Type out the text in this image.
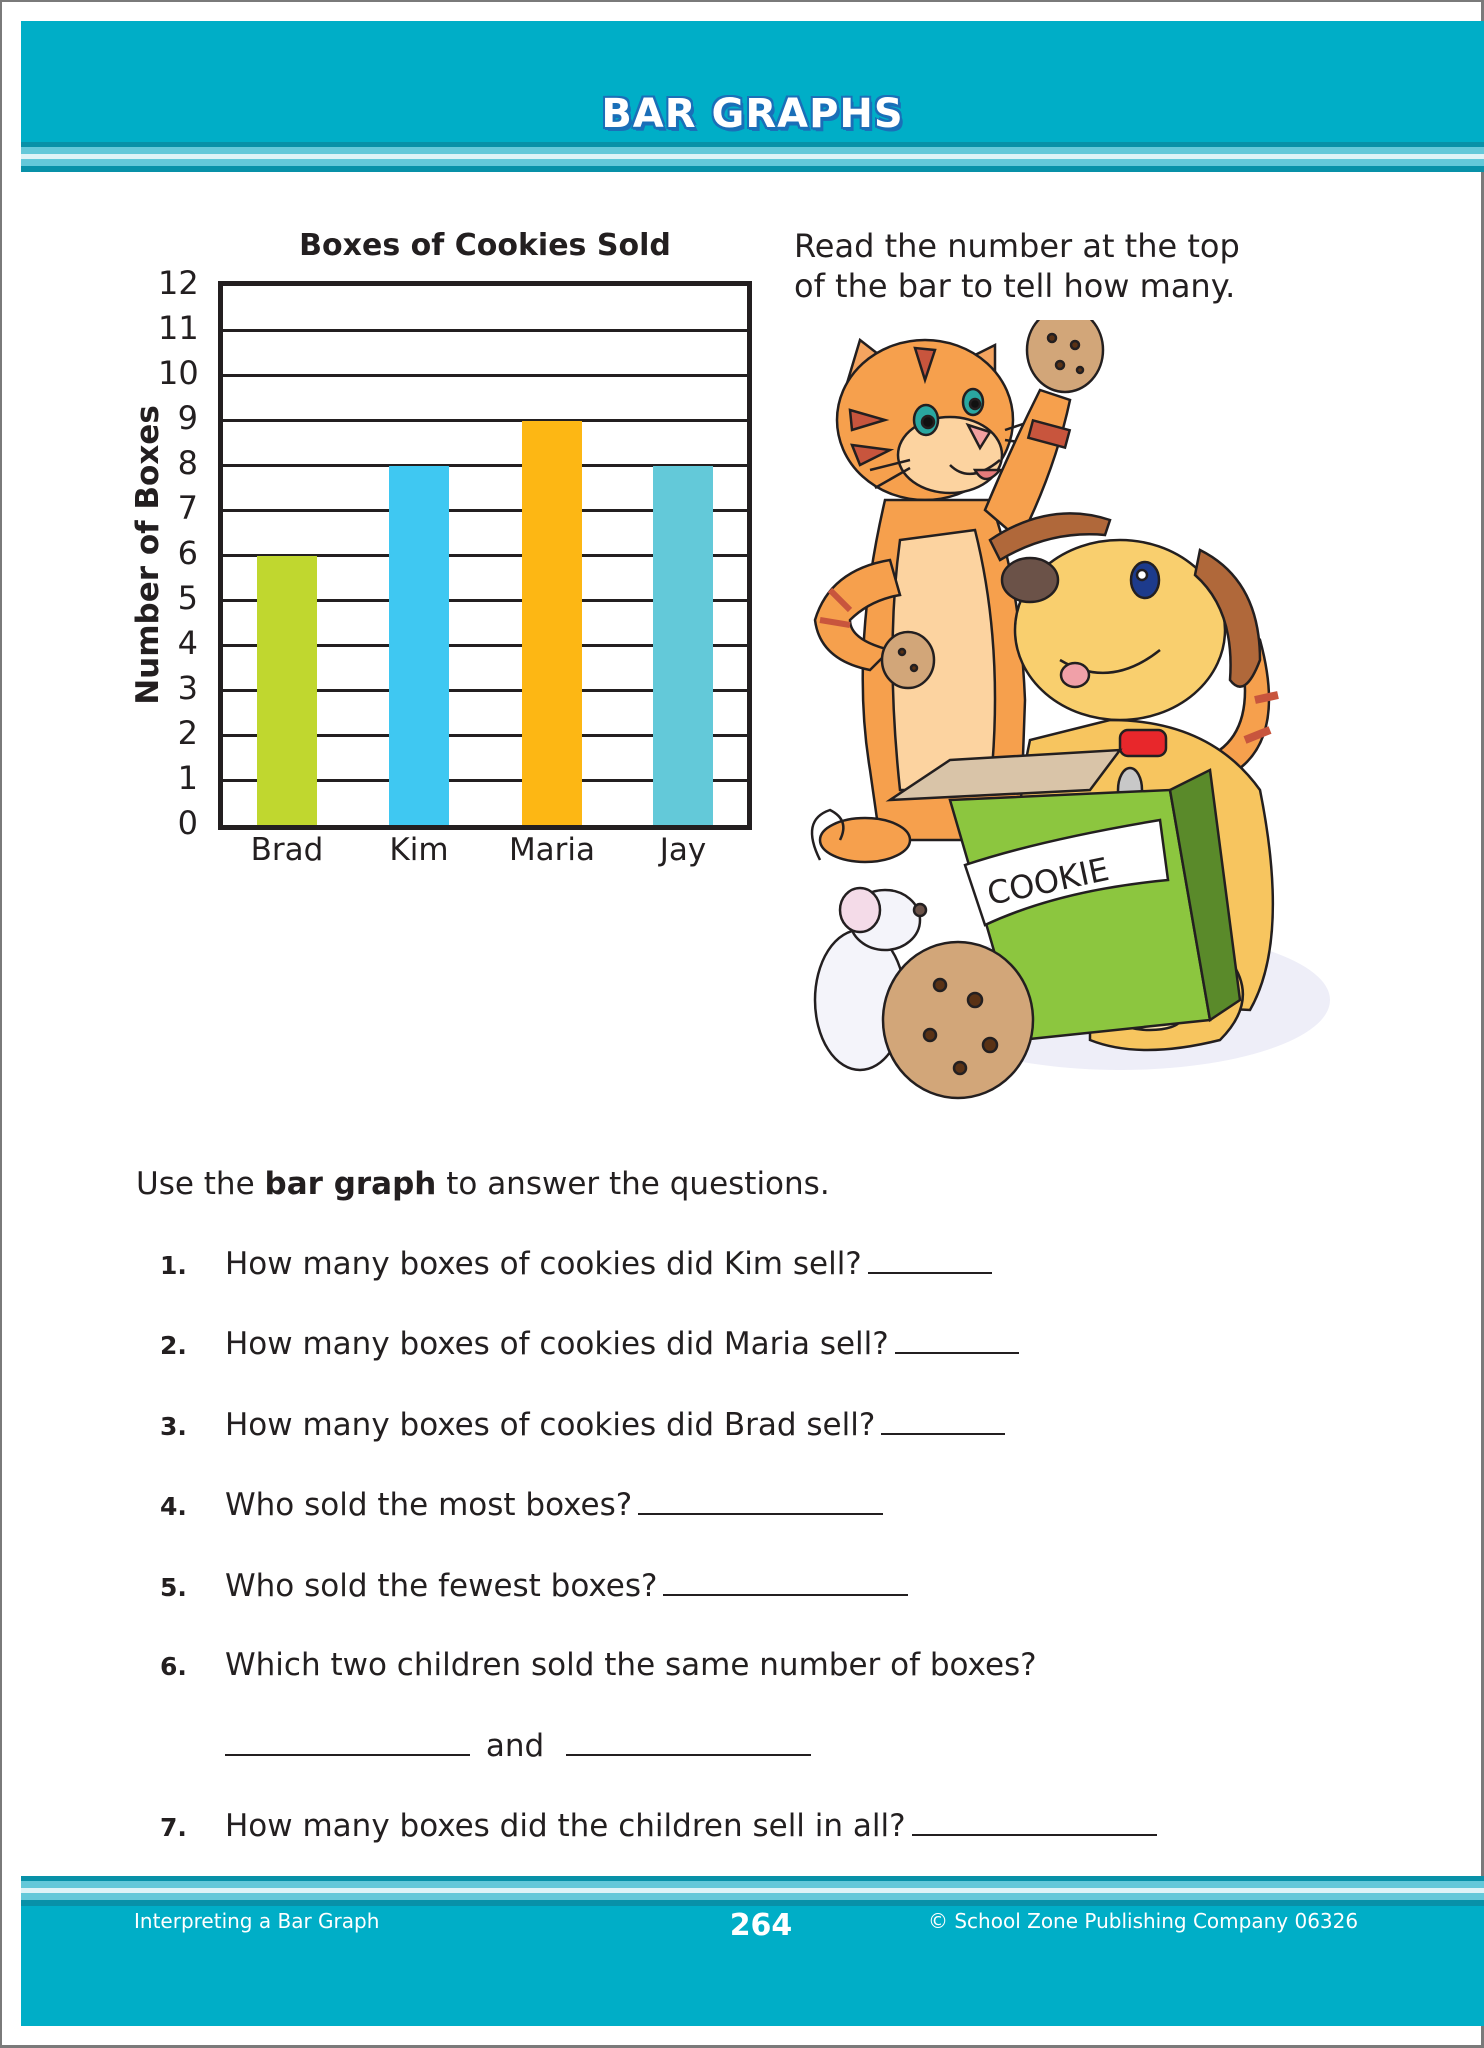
BAR GRAPHS
Boxes of Cookies Sold
Number of Boxes
0
1
2
3
4
5
6
7
8
9
10
11
12
Brad	Kim	Maria	Jay
Read the number at the top
of the bar to tell how many.
COOKIE
Use the bar graph to answer the questions.
1. How many boxes of cookies did Kim sell?
2. How many boxes of cookies did Maria sell?
3. How many boxes of cookies did Brad sell?
4. Who sold the most boxes?
5. Who sold the fewest boxes?
6. Which two children sold the same number of boxes?
and
7. How many boxes did the children sell in all?
Interpreting a Bar Graph	264	© School Zone Publishing Company 06326
